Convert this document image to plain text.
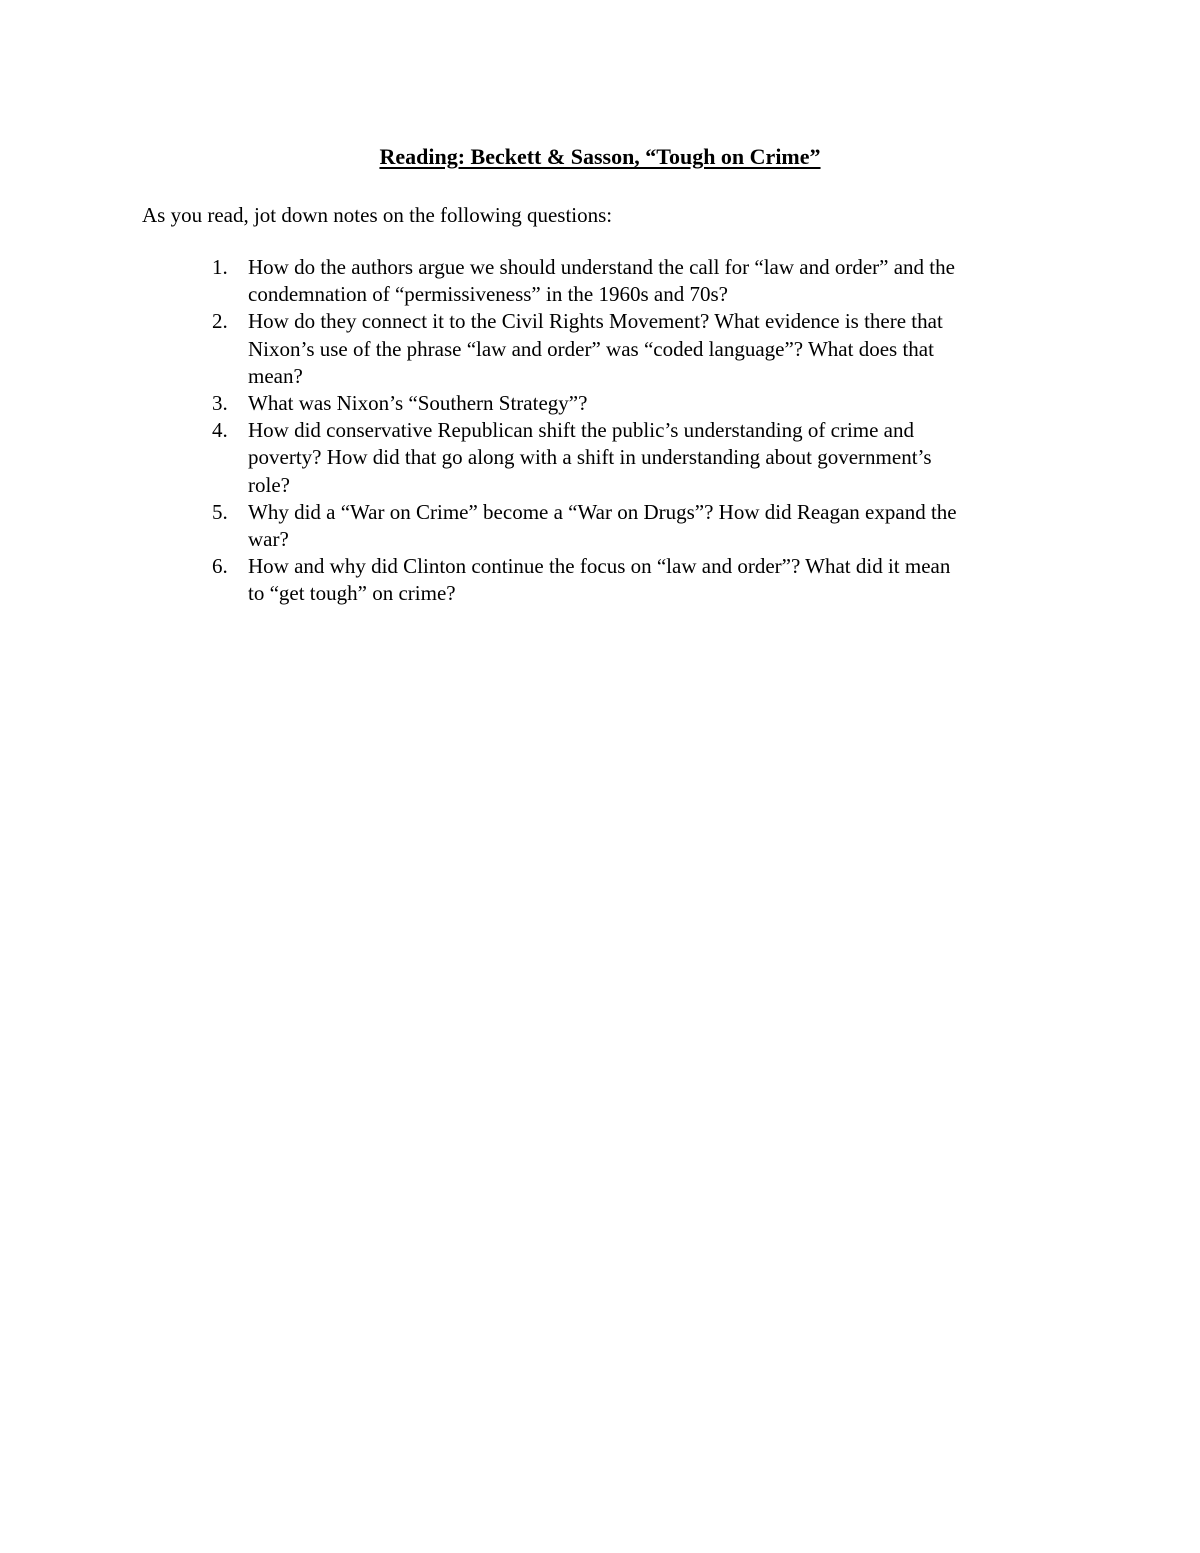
Reading: Beckett & Sasson, “Tough on Crime”
As you read, jot down notes on the following questions:
1. How do the authors argue we should understand the call for “law and order” and the
condemnation of “permissiveness” in the 1960s and 70s?
2. How do they connect it to the Civil Rights Movement? What evidence is there that
Nixon’s use of the phrase “law and order” was “coded language”? What does that
mean?
3. What was Nixon’s “Southern Strategy”?
4. How did conservative Republican shift the public’s understanding of crime and
poverty? How did that go along with a shift in understanding about government’s
role?
5. Why did a “War on Crime” become a “War on Drugs”? How did Reagan expand the
war?
6. How and why did Clinton continue the focus on “law and order”? What did it mean
to “get tough” on crime?
